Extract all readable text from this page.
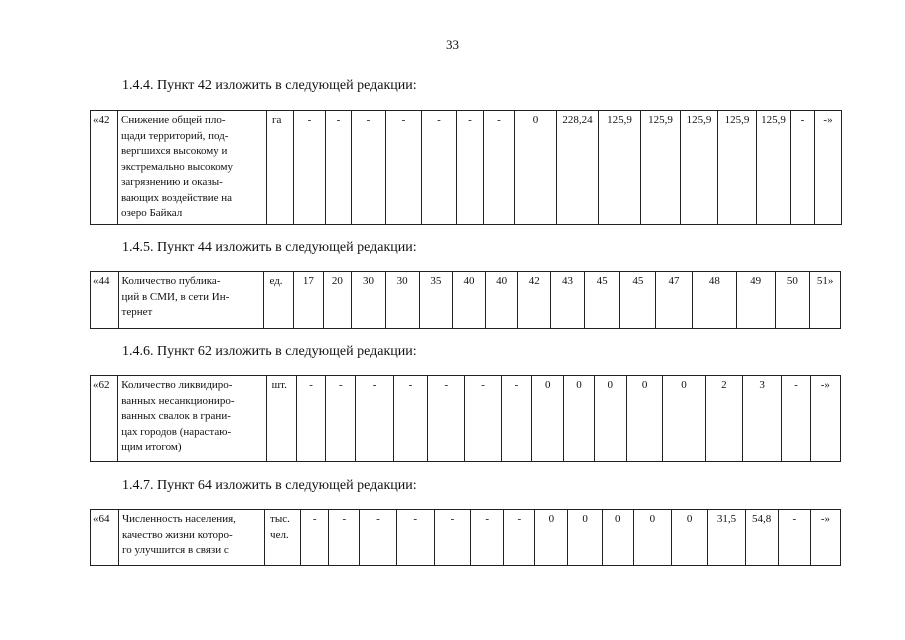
33
1.4.4. Пункт 42 изложить в следующей редакции:
«42	Снижение общей пло-
щади территорий, под-
вергшихся высокому и
экстремально высокому
загрязнению и оказы-
вающих воздействие на
озеро Байкал

га	-	-	-	-	-	-	-	0	228,24	125,9	125,9	125,9	125,9	125,9	-	-»
1.4.5. Пункт 44 изложить в следующей редакции:
«44	Количество публика-
ций в СМИ, в сети Ин-
тернет

ед.	17	20	30	30	35	40	40	42	43	45	45	47	48	49	50	51»
1.4.6. Пункт 62 изложить в следующей редакции:
«62	Количество ликвидиро-
ванных несанкциониро-
ванных свалок в грани-
цах городов (нарастаю-
щим итогом)

шт.	-	-	-	-	-	-	-	0	0	0	0	0	2	3	-	-»
1.4.7. Пункт 64 изложить в следующей редакции:
«64	Численность населения,
качество жизни которо-
го улучшится в связи с

тыс.
чел.
	-	-	-	-	-	-	-	0	0	0	0	0	31,5	54,8	-	-»
